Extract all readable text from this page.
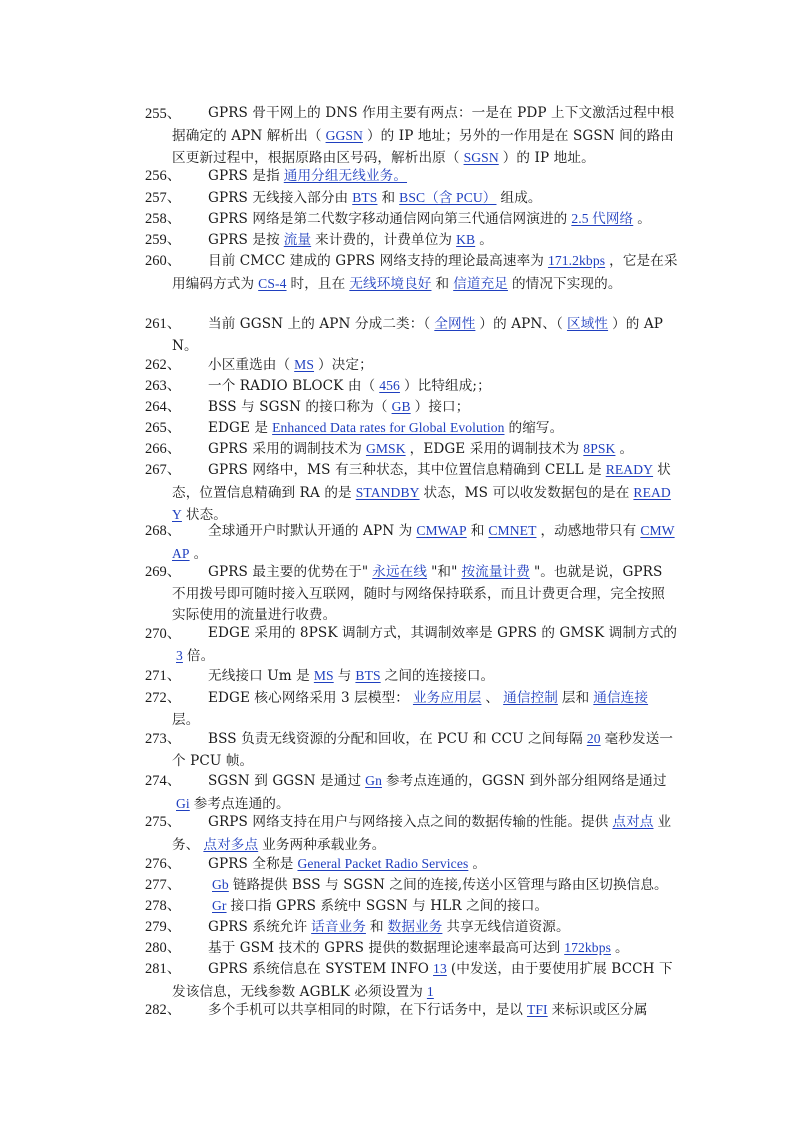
255、	GPRS 骨干网上的 DNS 作用主要有两点：一是在 PDP 上下文激活过程中根据确定的 APN 解析出（ GGSN ）的 IP 地址；另外的一作用是在 SGSN 间的路由区更新过程中，根据原路由区号码，解析出原（ SGSN ）的 IP 地址。
256、	GPRS 是指 通用分组无线业务。
257、	GPRS 无线接入部分由 BTS 和 BSC（含 PCU） 组成。
258、	GPRS 网络是第二代数字移动通信网向第三代通信网演进的 2.5 代网络 。
259、	GPRS 是按 流量 来计费的，计费单位为 KB 。
260、	目前 CMCC 建成的 GPRS 网络支持的理论最高速率为 171.2kbps ，它是在采用编码方式为 CS-4 时，且在 无线环境良好 和 信道充足 的情况下实现的。
261、	当前 GGSN 上的 APN 分成二类：（ 全网性 ）的 APN、（ 区域性 ）的 APN。
262、	小区重选由（ MS ）决定；
263、	一个 RADIO BLOCK 由（ 456 ）比特组成;；
264、	BSS 与 SGSN 的接口称为（ GB ）接口；
265、	EDGE 是 Enhanced Data rates for Global Evolution 的缩写。
266、	GPRS 采用的调制技术为 GMSK ，EDGE 采用的调制技术为 8PSK 。
267、	GPRS 网络中，MS 有三种状态，其中位置信息精确到 CELL 是 READY 状态，位置信息精确到 RA 的是 STANDBY 状态，MS 可以收发数据包的是在 READY 状态。
268、	全球通开户时默认开通的 APN 为 CMWAP 和 CMNET ，动感地带只有 CMWAP 。
269、	GPRS 最主要的优势在于" 永远在线 "和" 按流量计费 "。也就是说，GPRS 不用拨号即可随时接入互联网，随时与网络保持联系，而且计费更合理，完全按照实际使用的流量进行收费。
270、	EDGE 采用的 8PSK 调制方式，其调制效率是 GPRS 的 GMSK 调制方式的3 倍。
271、	无线接口 Um 是 MS 与 BTS 之间的连接接口。
272、	EDGE 核心网络采用 3 层模型： 业务应用层 、 通信控制 层和 通信连接层。
273、	BSS 负责无线资源的分配和回收，在 PCU 和 CCU 之间每隔 20 毫秒发送一个 PCU 帧。
274、	SGSN 到 GGSN 是通过 Gn 参考点连通的，GGSN 到外部分组网络是通过Gi 参考点连通的。
275、	GRPS 网络支持在用户与网络接入点之间的数据传输的性能。提供 点对点 业务、 点对多点 业务两种承载业务。
276、	GPRS 全称是 General Packet Radio Services 。
277、	Gb 链路提供 BSS 与 SGSN 之间的连接,传送小区管理与路由区切换信息。
278、	Gr 接口指 GPRS 系统中 SGSN 与 HLR 之间的接口。
279、	GPRS 系统允许 话音业务 和 数据业务 共享无线信道资源。
280、	基于 GSM 技术的 GPRS 提供的数据理论速率最高可达到 172kbps 。
281、	GPRS 系统信息在 SYSTEM INFO 13 (中发送，由于要使用扩展 BCCH 下发该信息，无线参数 AGBLK 必须设置为 1
282、	多个手机可以共享相同的时隙，在下行话务中，是以 TFI 来标识或区分属
